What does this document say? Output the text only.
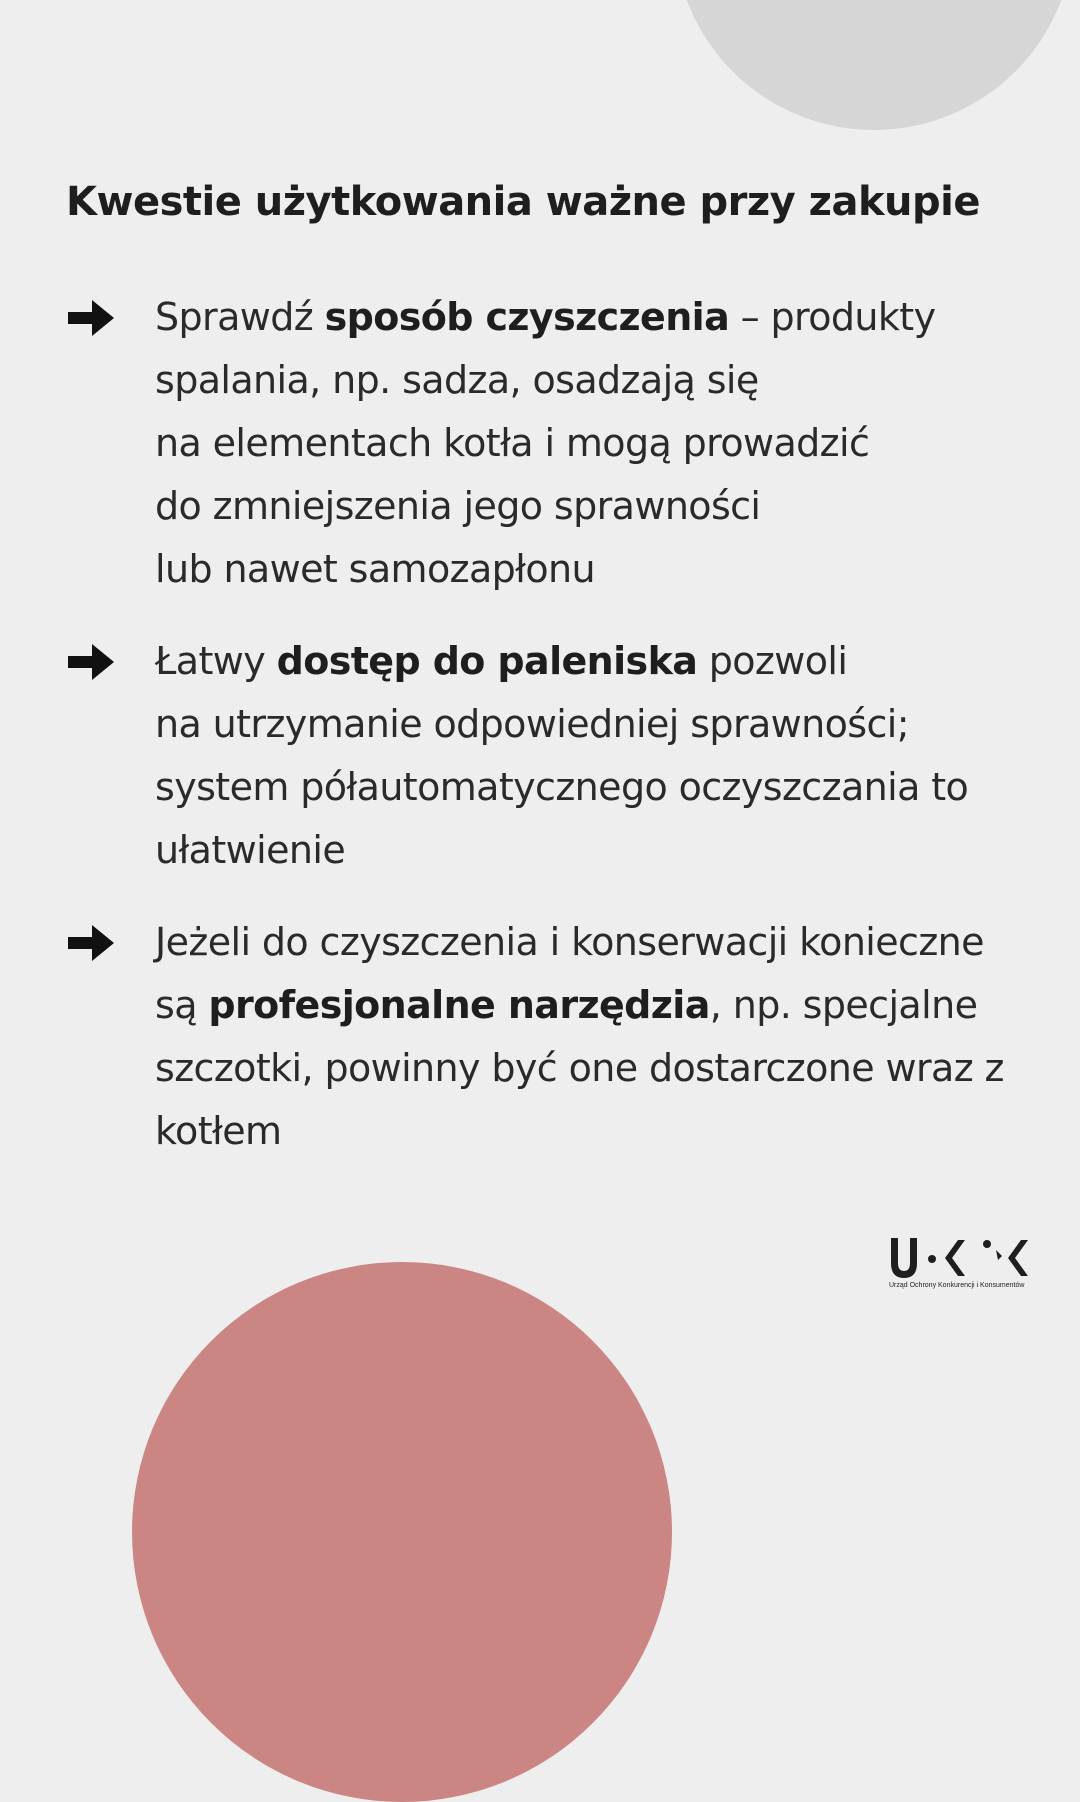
Kwestie użytkowania ważne przy zakupie
Sprawdź sposób czyszczenia – produkty spalania, np. sadza, osadzają się
na elementach kotła i mogą prowadzić
do zmniejszenia jego sprawności
lub nawet samozapłonu
Łatwy dostęp do paleniska pozwoli
na utrzymanie odpowiedniej sprawności; system półautomatycznego oczyszczania to ułatwienie
Jeżeli do czyszczenia i konserwacji konieczne są profesjonalne narzędzia, np. specjalne szczotki, powinny być one dostarczone wraz z kotłem
Urząd Ochrony Konkurencji i Konsumentów
